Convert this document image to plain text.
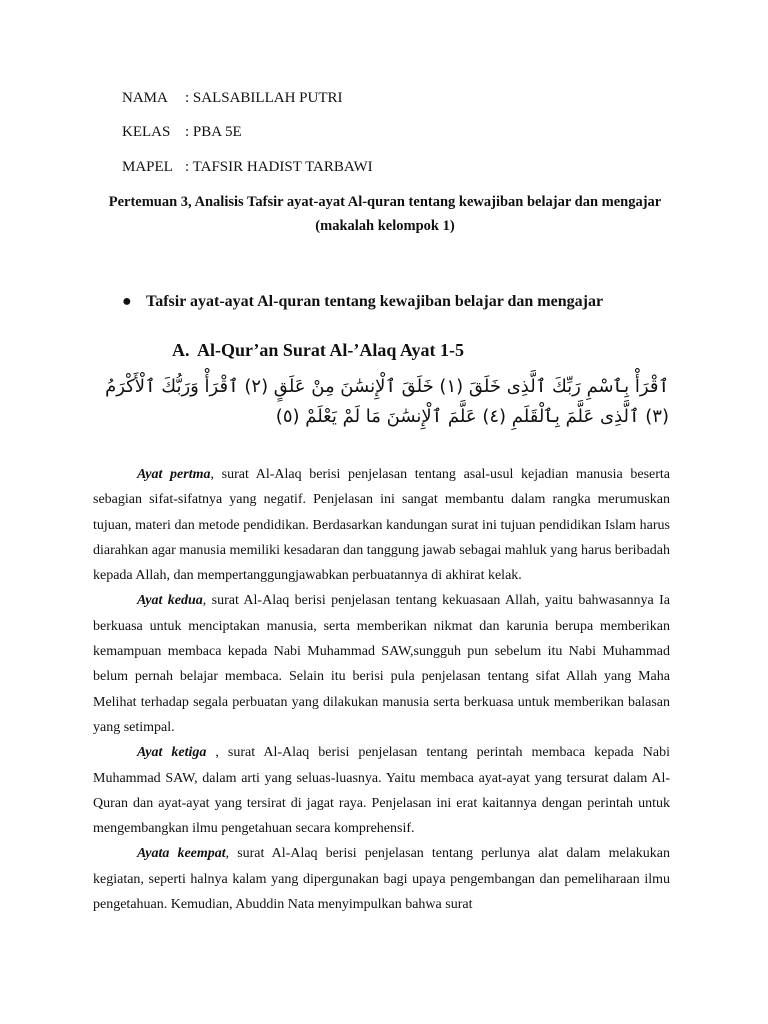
NAMA : SALSABILLAH PUTRI
KELAS : PBA 5E
MAPEL : TAFSIR HADIST TARBAWI
Pertemuan 3, Analisis Tafsir ayat-ayat Al-quran tentang kewajiban belajar dan mengajar (makalah kelompok 1)
● Tafsir ayat-ayat Al-quran tentang kewajiban belajar dan mengajar
A. Al-Qur’an Surat Al-’Alaq Ayat 1-5
ٱقْرَأْ بِٱسْمِ رَبِّكَ ٱلَّذِى خَلَقَ (١) خَلَقَ ٱلْإِنسَٰنَ مِنْ عَلَقٍ (٢) ٱقْرَأْ وَرَبُّكَ ٱلْأَكْرَمُ (٣) ٱلَّذِى عَلَّمَ بِٱلْقَلَمِ (٤) عَلَّمَ ٱلْإِنسَٰنَ مَا لَمْ يَعْلَمْ (٥)

Ayat pertma, surat Al-Alaq berisi penjelasan tentang asal-usul kejadian manusia beserta sebagian sifat-sifatnya yang negatif. Penjelasan ini sangat membantu dalam rangka merumuskan tujuan, materi dan metode pendidikan. Berdasarkan kandungan surat ini tujuan pendidikan Islam harus diarahkan agar manusia memiliki kesadaran dan tanggung jawab sebagai mahluk yang harus beribadah kepada Allah, dan mempertanggungjawabkan perbuatannya di akhirat kelak.

Ayat kedua, surat Al-Alaq berisi penjelasan tentang kekuasaan Allah, yaitu bahwasannya Ia berkuasa untuk menciptakan manusia, serta memberikan nikmat dan karunia berupa memberikan kemampuan membaca kepada Nabi Muhammad SAW,sungguh pun sebelum itu Nabi Muhammad belum pernah belajar membaca. Selain itu berisi pula penjelasan tentang sifat Allah yang Maha Melihat terhadap segala perbuatan yang dilakukan manusia serta berkuasa untuk memberikan balasan yang setimpal.

Ayat ketiga , surat Al-Alaq berisi penjelasan tentang perintah membaca kepada Nabi Muhammad SAW, dalam arti yang seluas-luasnya. Yaitu membaca ayat-ayat yang tersurat dalam Al-Quran dan ayat-ayat yang tersirat di jagat raya. Penjelasan ini erat kaitannya dengan perintah untuk mengembangkan ilmu pengetahuan secara komprehensif.

Ayata keempat, surat Al-Alaq berisi penjelasan tentang perlunya alat dalam melakukan kegiatan, seperti halnya kalam yang dipergunakan bagi upaya pengembangan dan pemeliharaan ilmu pengetahuan. Kemudian, Abuddin Nata menyimpulkan bahwa surat
